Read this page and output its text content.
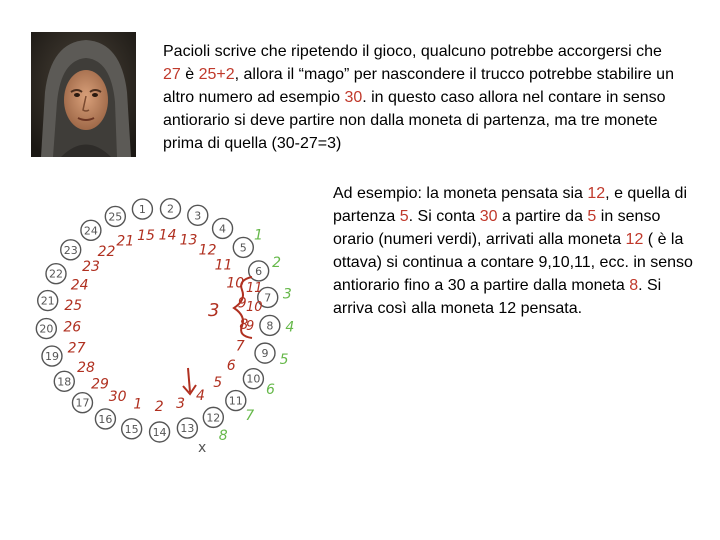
Pacioli scrive che ripetendo il gioco, qualcuno potrebbe accorgersi che 27 è 25+2, allora il “mago” per nascondere il trucco potrebbe stabilire un altro numero ad esempio 30. in questo caso allora nel contare in senso antiorario si deve partire non dalla moneta di partenza, ma tre monete prima di quella (30-27=3)

Ad esempio: la moneta pensata sia 12, e quella di partenza 5. Si conta 30 a partire da 5 in senso orario (numeri verdi), arrivati alla moneta 12 ( è la ottava) si continua a contare 9,10,11, ecc. in senso antiorario fino a 30 a partire dalla moneta 8. Si arriva così alla moneta 12 pensata.

1 2
3
4
5
6
7
8
9
10
11
12
13
14
15
16
17
18
19
20
21
22
23
24
25
15 14 13
12
11
10
9
8
7
6
5
4
3
2
1
30
29
28
27
26
25
24
23
22
21	1
2
3
4
5
6
7
8
3
11
10
9
x
